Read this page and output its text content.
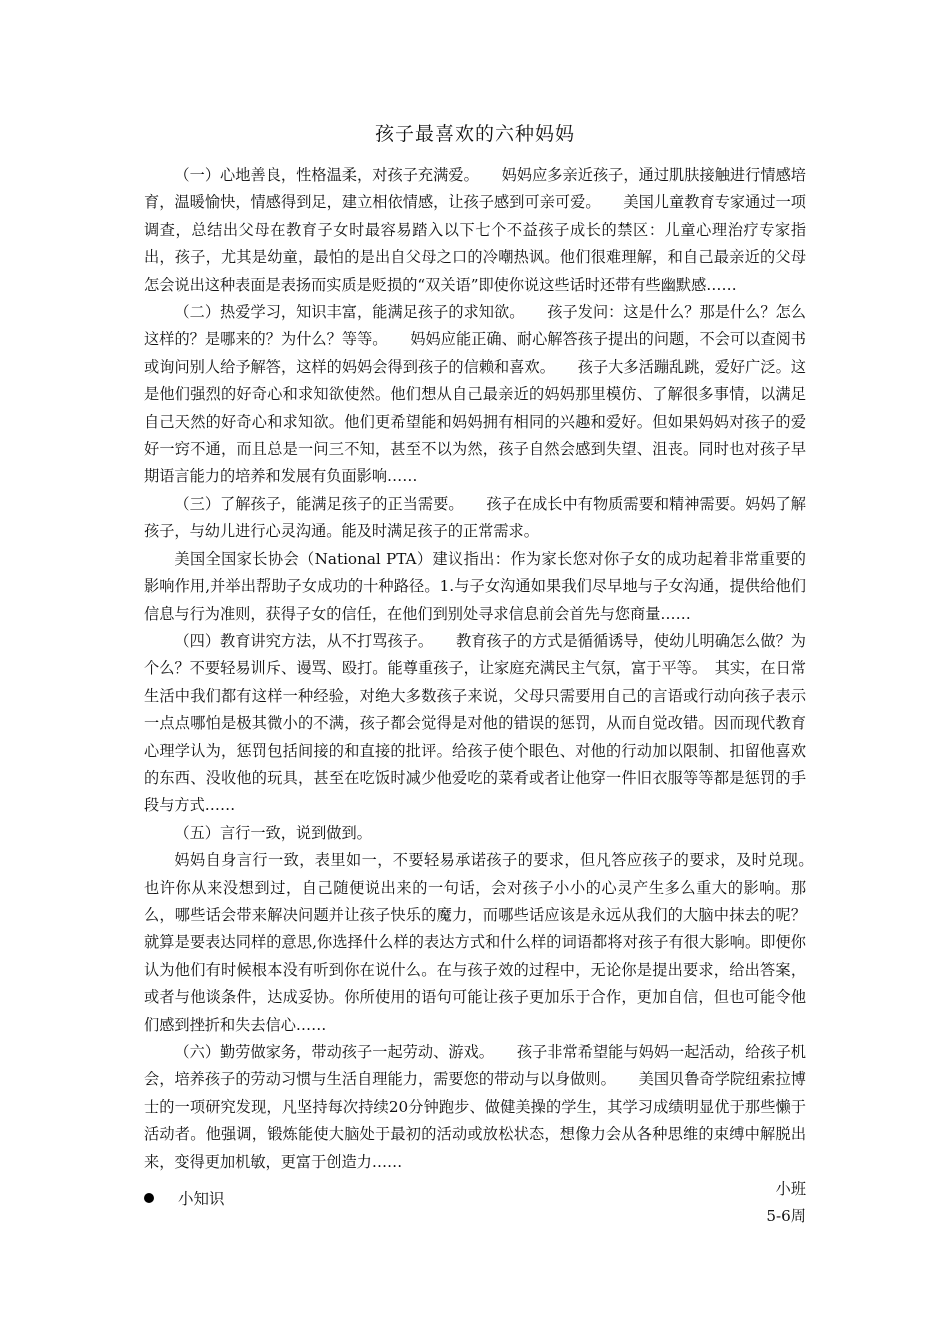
孩子最喜欢的六种妈妈

（一）心地善良，性格温柔，对孩子充满爱。　　妈妈应多亲近孩子，通过肌肤接触进行情感培育，温暖愉快，情感得到足，建立相依情感，让孩子感到可亲可爱。　　美国儿童教育专家通过一项调查，总结出父母在教育子女时最容易踏入以下七个不益孩子成长的禁区：儿童心理治疗专家指出，孩子，尤其是幼童，最怕的是出自父母之口的冷嘲热讽。他们很难理解，和自己最亲近的父母怎会说出这种表面是表扬而实质是贬损的“双关语”即使你说这些话时还带有些幽默感……

（二）热爱学习，知识丰富，能满足孩子的求知欲。　　孩子发问：这是什么？那是什么？怎么这样的？是哪来的？为什么？等等。　　妈妈应能正确、耐心解答孩子提出的问题，不会可以查阅书或询问别人给予解答，这样的妈妈会得到孩子的信赖和喜欢。　　孩子大多活蹦乱跳，爱好广泛。这是他们强烈的好奇心和求知欲使然。他们想从自己最亲近的妈妈那里模仿、了解很多事情，以满足自己天然的好奇心和求知欲。他们更希望能和妈妈拥有相同的兴趣和爱好。但如果妈妈对孩子的爱好一窍不通，而且总是一问三不知，甚至不以为然，孩子自然会感到失望、沮丧。同时也对孩子早期语言能力的培养和发展有负面影响……

（三）了解孩子，能满足孩子的正当需要。　　孩子在成长中有物质需要和精神需要。妈妈了解孩子，与幼儿进行心灵沟通。能及时满足孩子的正常需求。

美国全国家长协会（National PTA）建议指出：作为家长您对你子女的成功起着非常重要的影响作用,并举出帮助子女成功的十种路径。1.与子女沟通如果我们尽早地与子女沟通，提供给他们信息与行为准则，获得子女的信任，在他们到别处寻求信息前会首先与您商量……

（四）教育讲究方法，从不打骂孩子。　　教育孩子的方式是循循诱导，使幼儿明确怎么做？为个么？不要轻易训斥、谩骂、殴打。能尊重孩子，让家庭充满民主气氛，富于平等。　其实，在日常生活中我们都有这样一种经验，对绝大多数孩子来说，父母只需要用自己的言语或行动向孩子表示一点点哪怕是极其微小的不满，孩子都会觉得是对他的错误的惩罚，从而自觉改错。因而现代教育心理学认为，惩罚包括间接的和直接的批评。给孩子使个眼色、对他的行动加以限制、扣留他喜欢的东西、没收他的玩具，甚至在吃饭时减少他爱吃的菜肴或者让他穿一件旧衣服等等都是惩罚的手段与方式……

（五）言行一致，说到做到。

妈妈自身言行一致，表里如一，不要轻易承诺孩子的要求，但凡答应孩子的要求，及时兑现。　　也许你从来没想到过，自己随便说出来的一句话，会对孩子小小的心灵产生多么重大的影响。那么，哪些话会带来解决问题并让孩子快乐的魔力，而哪些话应该是永远从我们的大脑中抹去的呢？就算是要表达同样的意思,你选择什么样的表达方式和什么样的词语都将对孩子有很大影响。即便你认为他们有时候根本没有听到你在说什么。在与孩子效的过程中，无论你是提出要求，给出答案，或者与他谈条件，达成妥协。你所使用的语句可能让孩子更加乐于合作，更加自信，但也可能令他们感到挫折和失去信心……

（六）勤劳做家务，带动孩子一起劳动、游戏。　　孩子非常希望能与妈妈一起活动，给孩子机会，培养孩子的劳动习惯与生活自理能力，需要您的带动与以身做则。　　美国贝鲁奇学院纽索拉博士的一项研究发现，凡坚持每次持续20分钟跑步、做健美操的学生，其学习成绩明显优于那些懒于活动者。他强调，锻炼能使大脑处于最初的活动或放松状态，想像力会从各种思维的束缚中解脱出来，变得更加机敏，更富于创造力……

小班

5-6周

小知识
